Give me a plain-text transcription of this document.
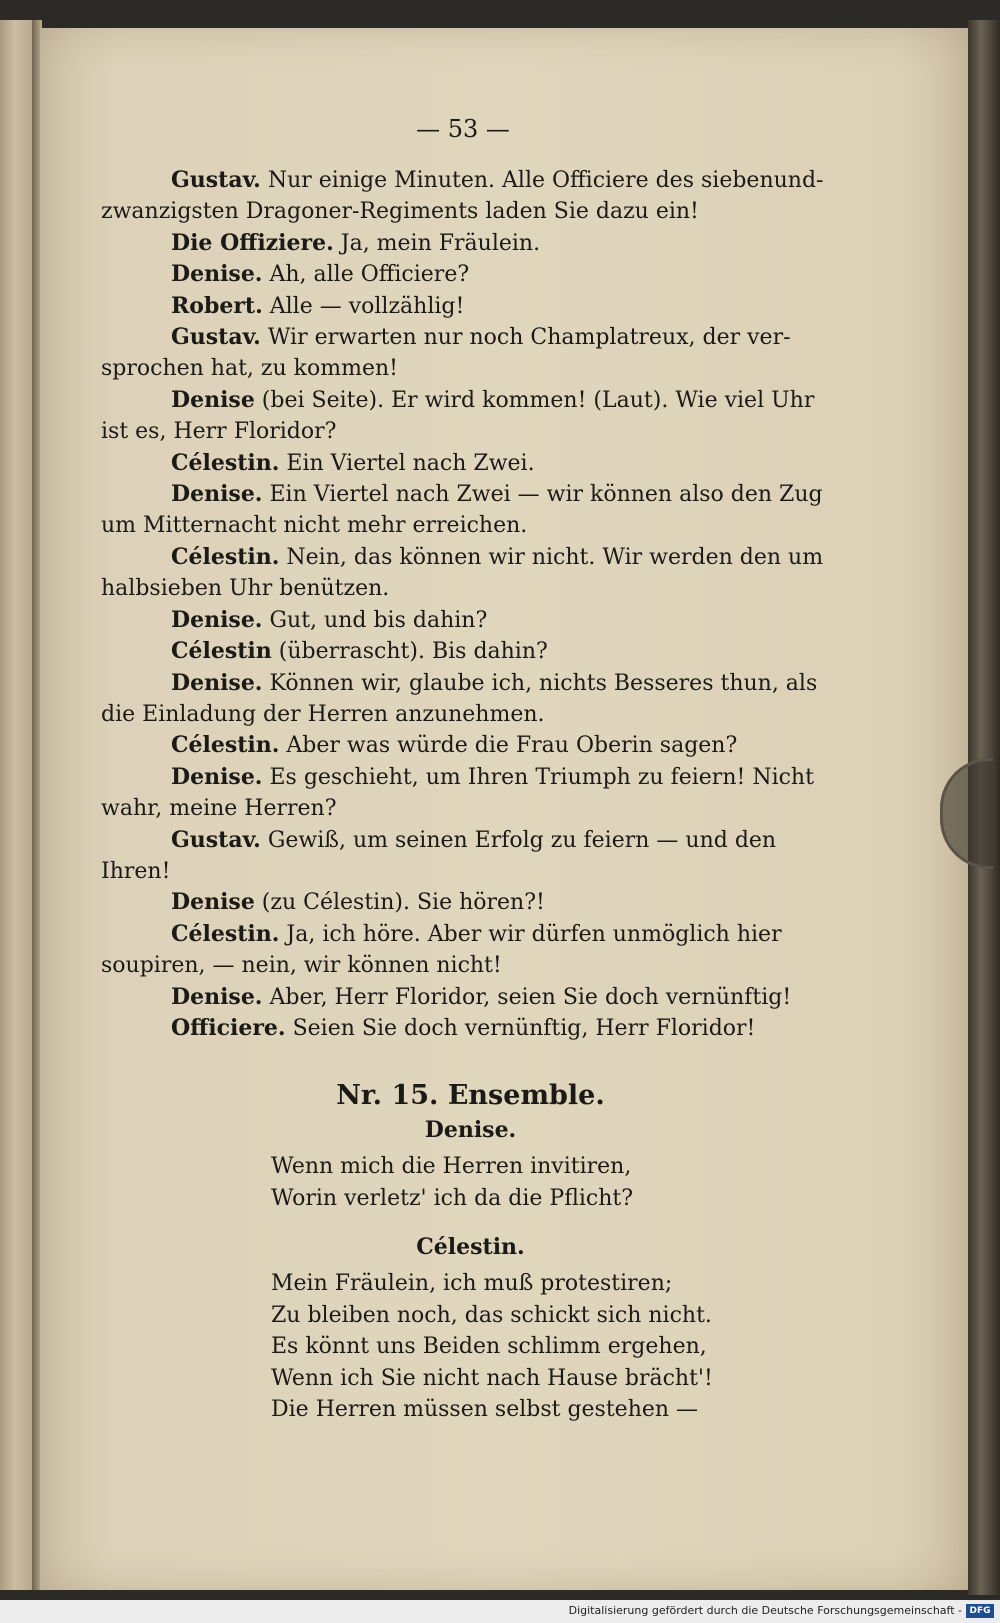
— 53 —

Gustav. Nur einige Minuten. Alle Officiere des siebenund-

zwanzigsten Dragoner-Regiments laden Sie dazu ein!

Die Offiziere. Ja, mein Fräulein.

Denise. Ah, alle Officiere?

Robert. Alle — vollzählig!

Gustav. Wir erwarten nur noch Champlatreux, der ver-

sprochen hat, zu kommen!

Denise (bei Seite). Er wird kommen! (Laut). Wie viel Uhr

ist es, Herr Floridor?

Célestin. Ein Viertel nach Zwei.

Denise. Ein Viertel nach Zwei — wir können also den Zug

um Mitternacht nicht mehr erreichen.

Célestin. Nein, das können wir nicht. Wir werden den um

halbsieben Uhr benützen.

Denise. Gut, und bis dahin?

Célestin (überrascht). Bis dahin?

Denise. Können wir, glaube ich, nichts Besseres thun, als

die Einladung der Herren anzunehmen.

Célestin. Aber was würde die Frau Oberin sagen?

Denise. Es geschieht, um Ihren Triumph zu feiern! Nicht

wahr, meine Herren?

Gustav. Gewiß, um seinen Erfolg zu feiern — und den

Ihren!

Denise (zu Célestin). Sie hören?!

Célestin. Ja, ich höre. Aber wir dürfen unmöglich hier

soupiren, — nein, wir können nicht!

Denise. Aber, Herr Floridor, seien Sie doch vernünftig!

Officiere. Seien Sie doch vernünftig, Herr Floridor!

Nr. 15. Ensemble.
Denise.

Wenn mich die Herren invitiren,

Worin verletz' ich da die Pflicht?

Célestin.

Mein Fräulein, ich muß protestiren;

Zu bleiben noch, das schickt sich nicht.

Es könnt uns Beiden schlimm ergehen,

Wenn ich Sie nicht nach Hause brächt'!

Die Herren müssen selbst gestehen —

Digitalisierung gefördert durch die Deutsche Forschungsgemeinschaft - DFG
